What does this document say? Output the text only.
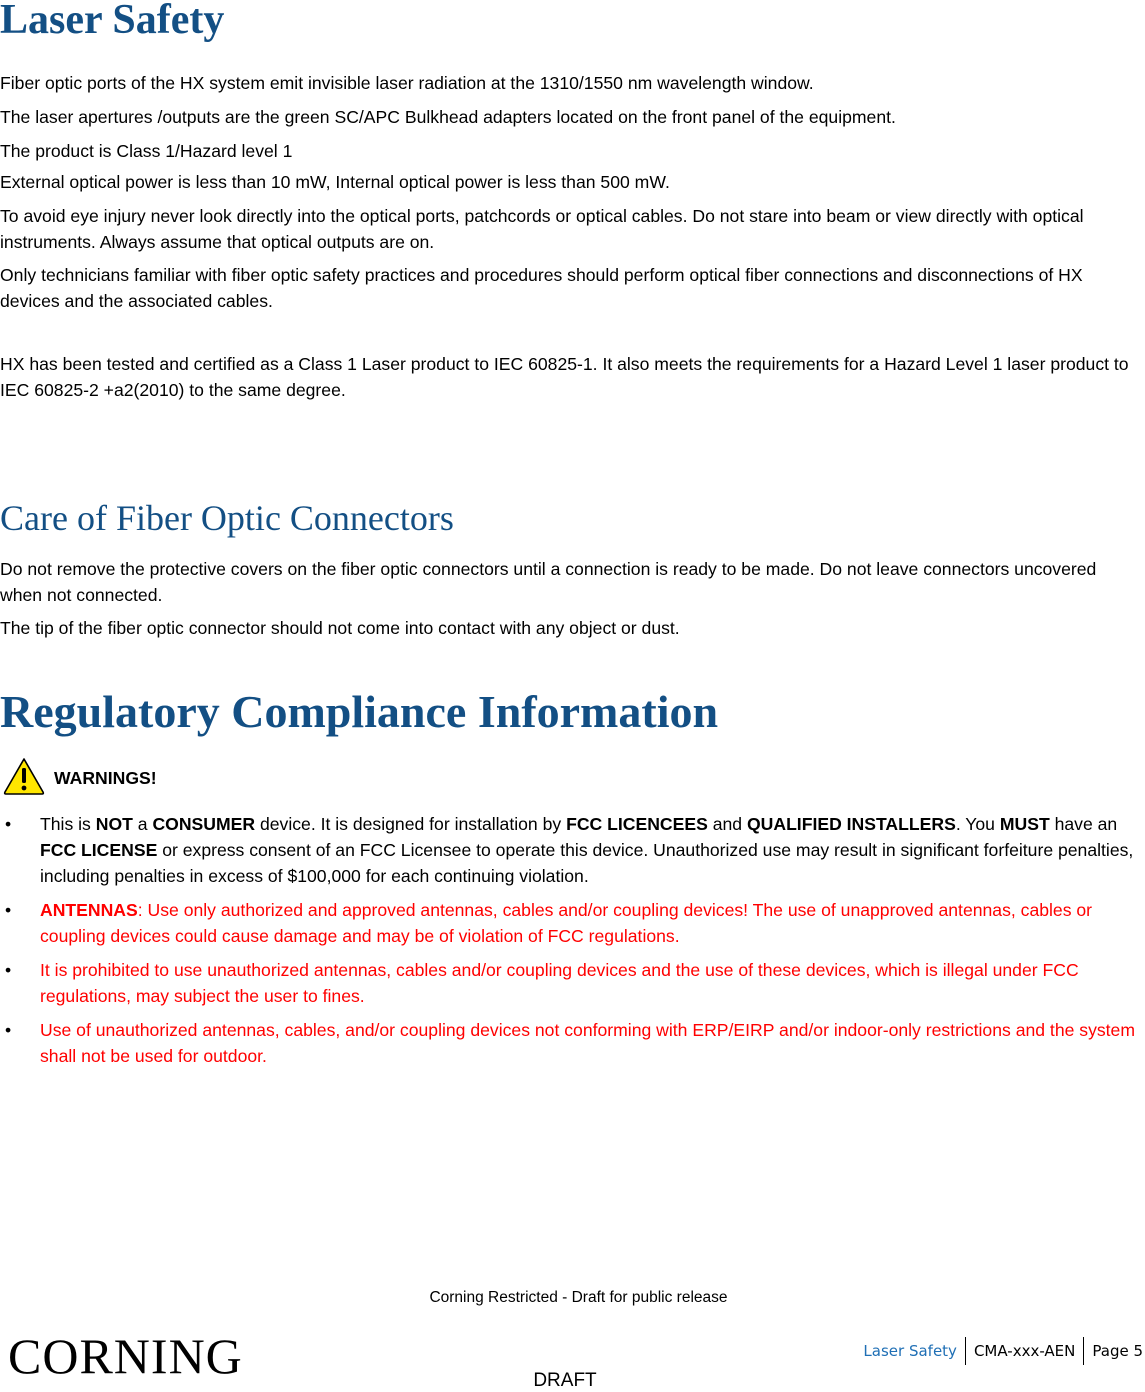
Laser Safety

Fiber optic ports of the HX system emit invisible laser radiation at the 1310/1550 nm wavelength window.

The laser apertures /outputs are the green SC/APC Bulkhead adapters located on the front panel of the equipment.

The product is Class 1/Hazard level 1

External optical power is less than 10 mW, Internal optical power is less than 500 mW.

To avoid eye injury never look directly into the optical ports, patchcords or optical cables. Do not stare into beam or view directly with optical instruments. Always assume that optical outputs are on.

Only technicians familiar with fiber optic safety practices and procedures should perform optical fiber connections and disconnections of HX devices and the associated cables.

HX has been tested and certified as a Class 1 Laser product to IEC 60825-1. It also meets the requirements for a Hazard Level 1 laser product to IEC 60825-2 +a2(2010) to the same degree.

Care of Fiber Optic Connectors

Do not remove the protective covers on the fiber optic connectors until a connection is ready to be made. Do not leave connectors uncovered when not connected.

The tip of the fiber optic connector should not come into contact with any object or dust.

Regulatory Compliance Information
WARNINGS!
• This is NOT a CONSUMER device. It is designed for installation by FCC LICENCEES and QUALIFIED INSTALLERS. You MUST have an FCC LICENSE or express consent of an FCC Licensee to operate this device. Unauthorized use may result in significant forfeiture penalties, including penalties in excess of $100,000 for each continuing violation.
• ANTENNAS: Use only authorized and approved antennas, cables and/or coupling devices! The use of unapproved antennas, cables or coupling devices could cause damage and may be of violation of FCC regulations.
• It is prohibited to use unauthorized antennas, cables and/or coupling devices and the use of these devices, which is illegal under FCC regulations, may subject the user to fines.
• Use of unauthorized antennas, cables, and/or coupling devices not conforming with ERP/EIRP and/or indoor-only restrictions and the system shall not be used for outdoor.
Corning Restricted - Draft for public release
CORNING	Laser Safety	CMA-xxx-AEN	Page 5
DRAFT
